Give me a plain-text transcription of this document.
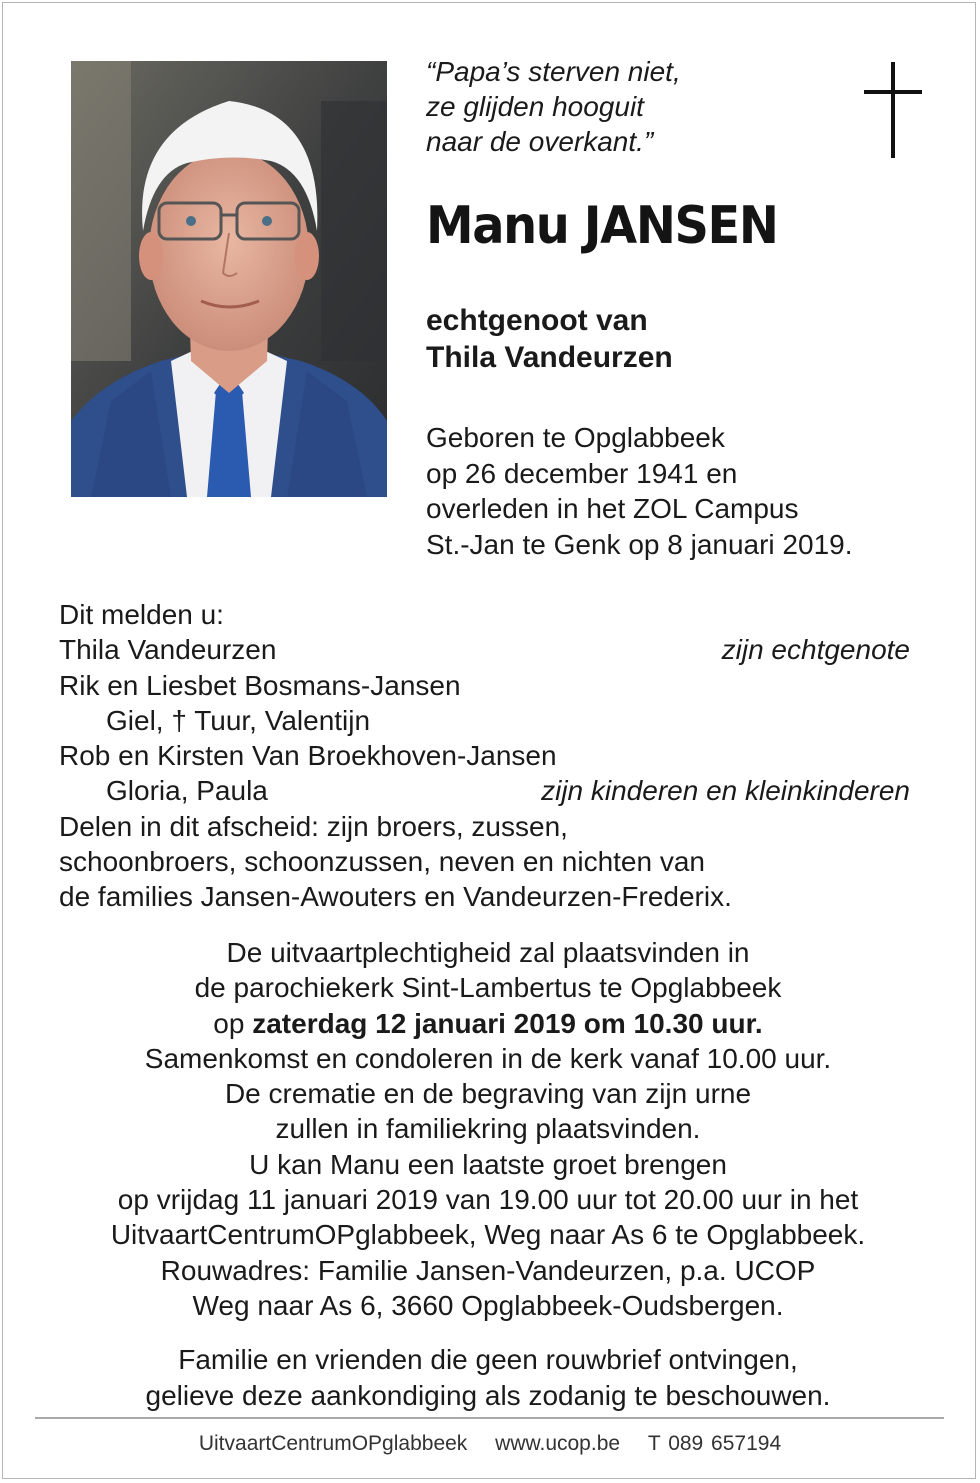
“Papa’s sterven niet,
ze glijden hooguit
naar de overkant.”
Manu JANSEN
echtgenoot van
Thila Vandeurzen
Geboren te Opglabbeek
op 26 december 1941 en
overleden in het ZOL Campus
St.-Jan te Genk op 8 januari 2019.
Dit melden u:
Thila Vandeurzen	zijn echtgenote
Rik en Liesbet Bosmans-Jansen
Giel, † Tuur, Valentijn
Rob en Kirsten Van Broekhoven-Jansen
Gloria, Paula	zijn kinderen en kleinkinderen
Delen in dit afscheid: zijn broers, zussen,
schoonbroers, schoonzussen, neven en nichten van
de families Jansen-Awouters en Vandeurzen-Frederix.
De uitvaartplechtigheid zal plaatsvinden in
de parochiekerk Sint-Lambertus te Opglabbeek
op zaterdag 12 januari 2019 om 10.30 uur.
Samenkomst en condoleren in de kerk vanaf 10.00 uur.
De crematie en de begraving van zijn urne
zullen in familiekring plaatsvinden.
U kan Manu een laatste groet brengen
op vrijdag 11 januari 2019 van 19.00 uur tot 20.00 uur in het
UitvaartCentrumOPglabbeek, Weg naar As 6 te Opglabbeek.
Rouwadres: Familie Jansen-Vandeurzen, p.a. UCOP
Weg naar As 6, 3660 Opglabbeek-Oudsbergen.
Familie en vrienden die geen rouwbrief ontvingen,
gelieve deze aankondiging als zodanig te beschouwen.
UitvaartCentrumOPglabbeek www.ucop.be T 089 657194
